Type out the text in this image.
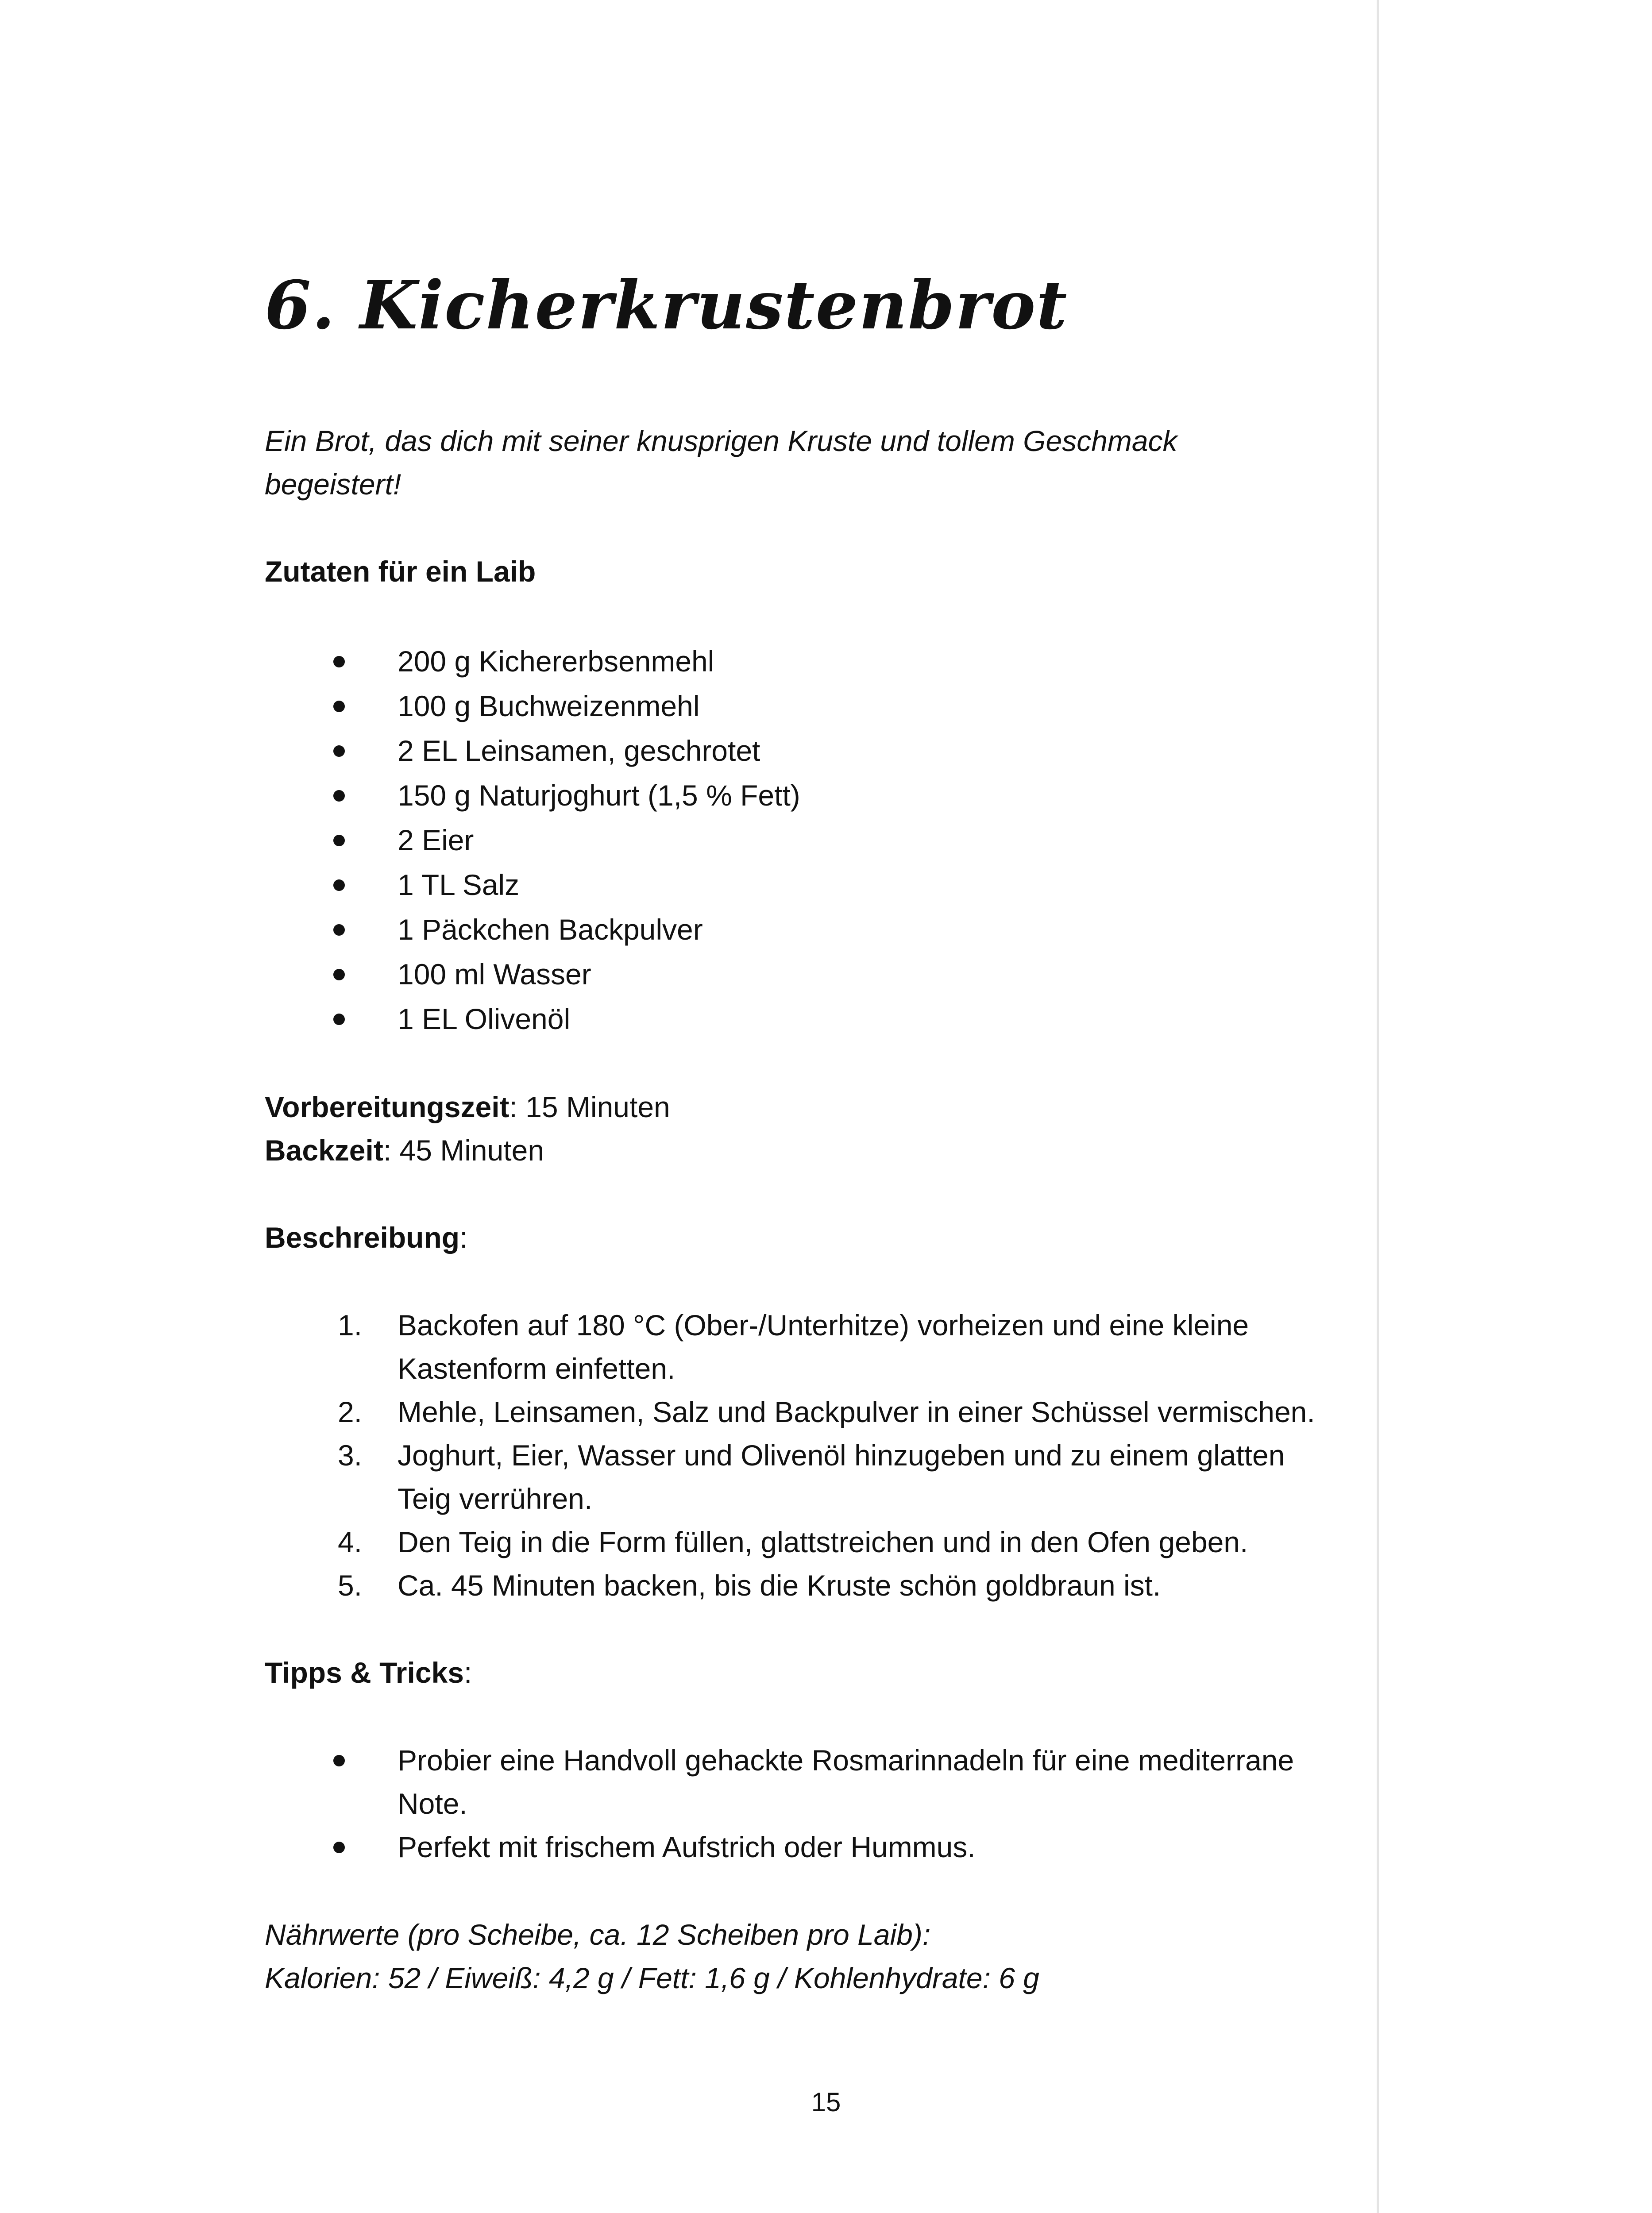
6. Kicherkrustenbrot
Ein Brot, das dich mit seiner knusprigen Kruste und tollem Geschmack
begeistert!
Zutaten für ein Laib
200 g Kichererbsenmehl
100 g Buchweizenmehl
2 EL Leinsamen, geschrotet
150 g Naturjoghurt (1,5 % Fett)
2 Eier
1 TL Salz
1 Päckchen Backpulver
100 ml Wasser
1 EL Olivenöl
Vorbereitungszeit: 15 Minuten
Backzeit: 45 Minuten
Beschreibung:
1. Backofen auf 180 °C (Ober-/Unterhitze) vorheizen und eine kleine
Kastenform einfetten.
2. Mehle, Leinsamen, Salz und Backpulver in einer Schüssel vermischen.
3. Joghurt, Eier, Wasser und Olivenöl hinzugeben und zu einem glatten
Teig verrühren.
4. Den Teig in die Form füllen, glattstreichen und in den Ofen geben.
5. Ca. 45 Minuten backen, bis die Kruste schön goldbraun ist.
Tipps & Tricks:
Probier eine Handvoll gehackte Rosmarinnadeln für eine mediterrane
Note.
Perfekt mit frischem Aufstrich oder Hummus.
Nährwerte (pro Scheibe, ca. 12 Scheiben pro Laib):
Kalorien: 52 / Eiweiß: 4,2 g / Fett: 1,6 g / Kohlenhydrate: 6 g
15
